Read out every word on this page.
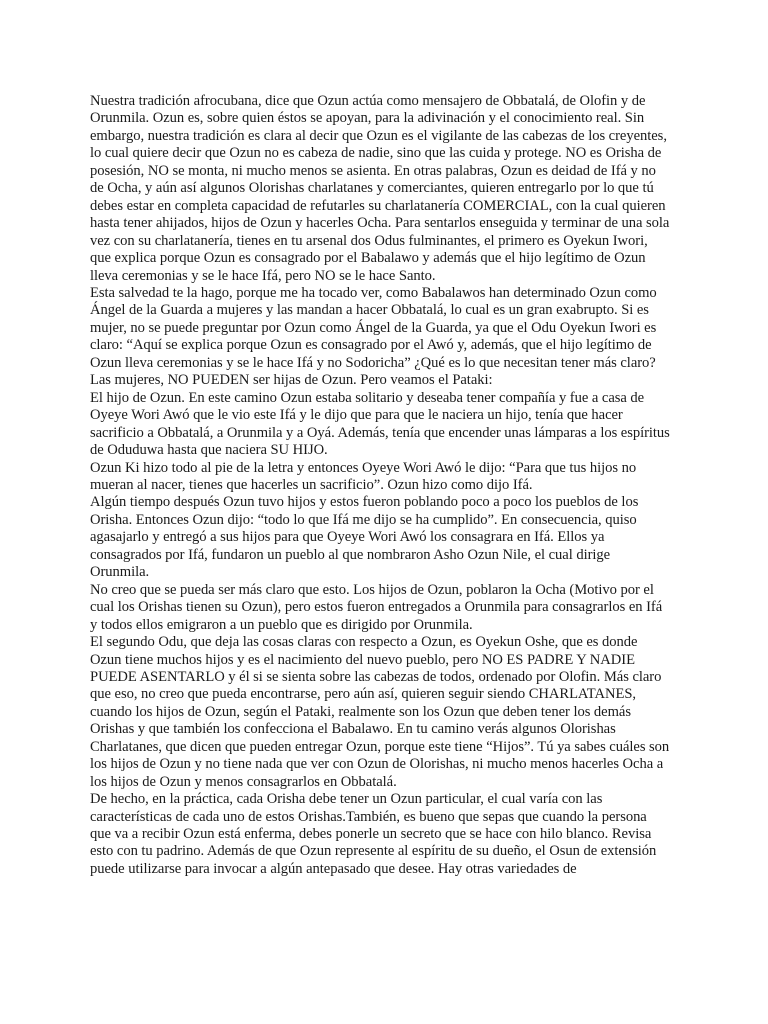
Nuestra tradición afrocubana, dice que Ozun actúa como mensajero de Obbatalá, de Olofin y de Orunmila. Ozun es, sobre quien éstos se apoyan, para la adivinación y el conocimiento real. Sin embargo, nuestra tradición es clara al decir que Ozun es el vigilante de las cabezas de los creyentes, lo cual quiere decir que Ozun no es cabeza de nadie, sino que las cuida y protege. NO es Orisha de posesión, NO se monta, ni mucho menos se asienta. En otras palabras, Ozun es deidad de Ifá y no de Ocha, y aún así algunos Olorishas charlatanes y comerciantes, quieren entregarlo por lo que tú debes estar en completa capacidad de refutarles su charlatanería COMERCIAL, con la cual quieren hasta tener ahijados, hijos de Ozun y hacerles Ocha. Para sentarlos enseguida y terminar de una sola vez con su charlatanería, tienes en tu arsenal dos Odus fulminantes, el primero es Oyekun Iwori, que explica porque Ozun es consagrado por el Babalawo y además que el hijo legítimo de Ozun lleva ceremonias y se le hace Ifá, pero NO se le hace Santo.

Esta salvedad te la hago, porque me ha tocado ver, como Babalawos han determinado Ozun como Ángel de la Guarda a mujeres y las mandan a hacer Obbatalá, lo cual es un gran exabrupto. Si es mujer, no se puede preguntar por Ozun como Ángel de la Guarda, ya que el Odu Oyekun Iwori es claro: “Aquí se explica porque Ozun es consagrado por el Awó y, además, que el hijo legítimo de Ozun lleva ceremonias y se le hace Ifá y no Sodoricha” ¿Qué es lo que necesitan tener más claro? Las mujeres, NO PUEDEN ser hijas de Ozun. Pero veamos el Pataki:

El hijo de Ozun. En este camino Ozun estaba solitario y deseaba tener compañía y fue a casa de Oyeye Wori Awó que le vio este Ifá y le dijo que para que le naciera un hijo, tenía que hacer sacrificio a Obbatalá, a Orunmila y a Oyá. Además, tenía que encender unas lámparas a los espíritus de Oduduwa hasta que naciera SU HIJO.

Ozun Ki hizo todo al pie de la letra y entonces Oyeye Wori Awó le dijo: “Para que tus hijos no mueran al nacer, tienes que hacerles un sacrificio”. Ozun hizo como dijo Ifá.

Algún tiempo después Ozun tuvo hijos y estos fueron poblando poco a poco los pueblos de los Orisha. Entonces Ozun dijo: “todo lo que Ifá me dijo se ha cumplido”. En consecuencia, quiso agasajarlo y entregó a sus hijos para que Oyeye Wori Awó los consagrara en Ifá. Ellos ya consagrados por Ifá, fundaron un pueblo al que nombraron Asho Ozun Nile, el cual dirige Orunmila.

No creo que se pueda ser más claro que esto. Los hijos de Ozun, poblaron la Ocha (Motivo por el cual los Orishas tienen su Ozun), pero estos fueron entregados a Orunmila para consagrarlos en Ifá y todos ellos emigraron a un pueblo que es dirigido por Orunmila.

El segundo Odu, que deja las cosas claras con respecto a Ozun, es Oyekun Oshe, que es donde Ozun tiene muchos hijos y es el nacimiento del nuevo pueblo, pero NO ES PADRE Y NADIE PUEDE ASENTARLO y él si se sienta sobre las cabezas de todos, ordenado por Olofin. Más claro que eso, no creo que pueda encontrarse, pero aún así, quieren seguir siendo CHARLATANES, cuando los hijos de Ozun, según el Pataki, realmente son los Ozun que deben tener los demás Orishas y que también los confecciona el Babalawo. En tu camino verás algunos Olorishas Charlatanes, que dicen que pueden entregar Ozun, porque este tiene “Hijos”. Tú ya sabes cuáles son los hijos de Ozun y no tiene nada que ver con Ozun de Olorishas, ni mucho menos hacerles Ocha a los hijos de Ozun y menos consagrarlos en Obbatalá.

De hecho, en la práctica, cada Orisha debe tener un Ozun particular, el cual varía con las características de cada uno de estos Orishas.También, es bueno que sepas que cuando la persona que va a recibir Ozun está enferma, debes ponerle un secreto que se hace con hilo blanco. Revisa esto con tu padrino. Además de que Ozun represente al espíritu de su dueño, el Osun de extensión puede utilizarse para invocar a algún antepasado que desee. Hay otras variedades de
